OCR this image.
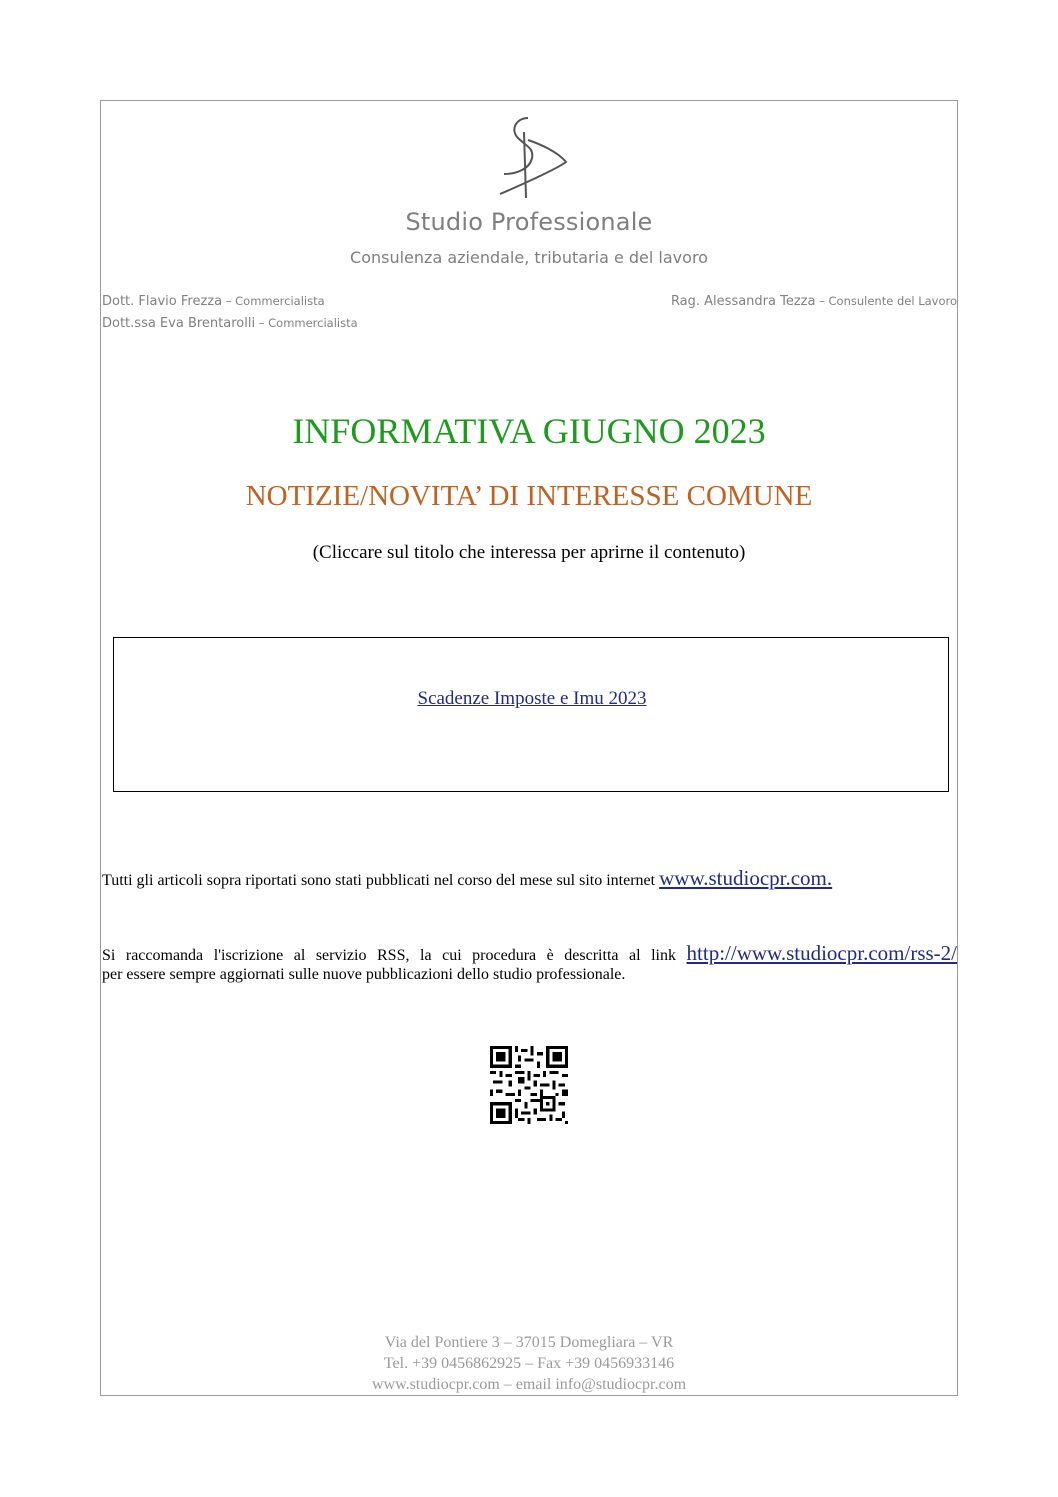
Studio Professionale
Consulenza aziendale, tributaria e del lavoro
Dott. Flavio Frezza – Commercialista
Dott.ssa Eva Brentarolli – Commercialista
Rag. Alessandra Tezza – Consulente del Lavoro
INFORMATIVA GIUGNO 2023
NOTIZIE/NOVITA’ DI INTERESSE COMUNE
(Cliccare sul titolo che interessa per aprirne il contenuto)
Scadenze Imposte e Imu 2023
Tutti gli articoli sopra riportati sono stati pubblicati nel corso del mese sul sito internet www.studiocpr.com.
Si raccomanda l'iscrizione al servizio RSS, la cui procedura è descritta al link http://www.studiocpr.com/rss-2/
per essere sempre aggiornati sulle nuove pubblicazioni dello studio professionale.
Via del Pontiere 3 – 37015 Domegliara – VR
Tel. +39 0456862925 – Fax +39 0456933146
www.studiocpr.com – email info@studiocpr.com
